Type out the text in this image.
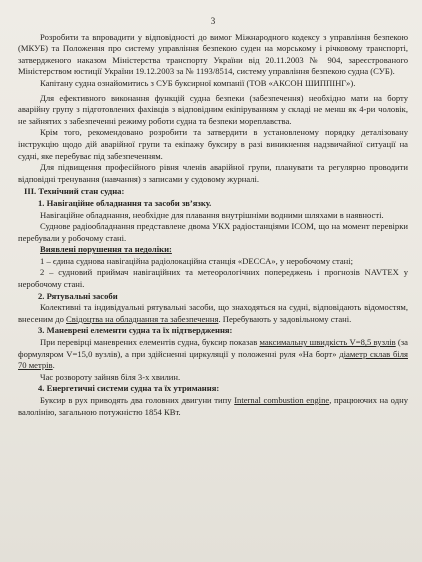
3

Розробити та впровадити у відповідності до вимог Міжнародного кодексу з управління безпекою (МКУБ) та Положення про систему управління безпекою суден на морському і річковому транспорті, затвердженого наказом Міністерства транспорту України від 20.11.2003 № 904, зареєстрованого Міністерством юстиції України 19.12.2003 за № 1193/8514, систему управління безпекою судна (СУБ).

Капітану судна ознайомитись з СУБ буксирної компанії (ТОВ «АКСОН ШИППІНГ»).

Для ефективного виконання функцій судна безпеки (забезпечення) необхідно мати на борту аварійну групу з підготовлених фахівців з відповідним екіпіруванням у складі не менш як 4-ри чоловік, не зайнятих з забезпеченні режиму роботи судна та безпеки мореплавства.

Крім того, рекомендовано розробити та затвердити в установленому порядку деталізовану інструкцію щодо дій аварійної групи та екіпажу буксиру в разі виникнення надзвичайної ситуації на судні, яке перебуває під забезпеченням.

Для підвищення професійного рівня членів аварійної групи, планувати та регулярно проводити відповідні тренування (навчання) з записами у судовому журналі.

III. Технічний стан судна:

1. Навігаційне обладнання та засоби зв’язку.

Навігаційне обладнання, необхідне для плавання внутрішніми водними шляхами в наявності.

Суднове радіообладнання представлене двома УКХ радіостанціями ICOM, що на момент перевірки перебували у робочому стані.

Виявлені порушення та недоліки:

1 – єдина суднова навігаційна радіолокаційна станція «DECCA», у неробочому стані;

2 – судновий приймач навігаційних та метеорологічних попереджень і прогнозів NAVTEX у неробочому стані.

2. Рятувальні засоби

Колективні та індивідуальні рятувальні засоби, що знаходяться на судні, відповідають відомостям, внесеним до Свідоцтва на обладнання та забезпечення. Перебувають у задовільному стані.

3. Маневрені елементи судна та їх підтвердження:

При перевірці маневрених елементів судна, буксир показав максимальну швидкість V=8,5 вузлів (за формуляром V=15,0 вузлів), а при здійсненні циркуляції у положенні руля «На борт» діаметр склав біля 70 метрів.

Час розвороту зайняв біля 3-х хвилин.

4. Енергетичні системи судна та їх утримання:

Буксир в рух приводять два головних двигуни типу Internal combustion engine, працюючих на одну валолінію, загальною потужністю 1854 КВт.
